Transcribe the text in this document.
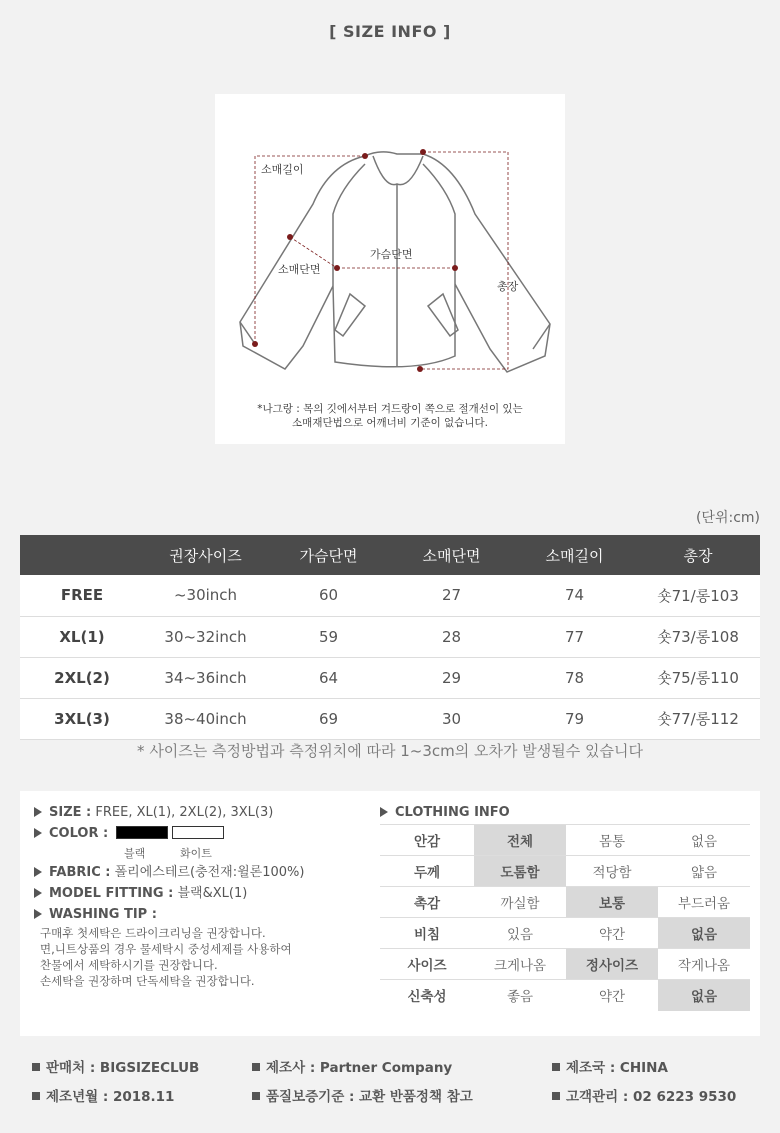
[ SIZE INFO ]
소매길이
가슴단면
소매단면
총장
*나그랑 : 목의 깃에서부터 겨드랑이 쪽으로 절개선이 있는
소매재단법으로 어깨너비 기준이 없습니다.
(단위:cm)
	권장사이즈	가슴단면	소매단면	소매길이	총장
FREE	~30inch	60	27	74	숏71/롱103
XL(1)	30~32inch	59	28	77	숏73/롱108
2XL(2)	34~36inch	64	29	78	숏75/롱110
3XL(3)	38~40inch	69	30	79	숏77/롱112
* 사이즈는 측정방법과 측정위치에 따라 1~3cm의 오차가 발생될수 있습니다
SIZE : FREE, XL(1), 2XL(2), 3XL(3)
COLOR :
블랙	화이트
FABRIC : 폴리에스테르(충전재:윌론100%)
MODEL FITTING : 블랙&XL(1)
WASHING TIP :
구매후 첫세탁은 드라이크리닝을 권장합니다.
면,니트상품의 경우 물세탁시 중성세제를 사용하여
찬물에서 세탁하시기를 권장합니다.
손세탁을 권장하며 단독세탁을 권장합니다.
CLOTHING INFO
안감	전체	몸통	없음
두께	도톰함	적당함	얇음
촉감	까실함	보통	부드러움
비침	있음	약간	없음
사이즈	크게나옴	정사이즈	작게나옴
신축성	좋음	약간	없음
판매처 : BIGSIZECLUB	제조사 : Partner Company	제조국 : CHINA
제조년월 : 2018.11	품질보증기준 : 교환 반품정책 참고	고객관리 : 02 6223 9530
